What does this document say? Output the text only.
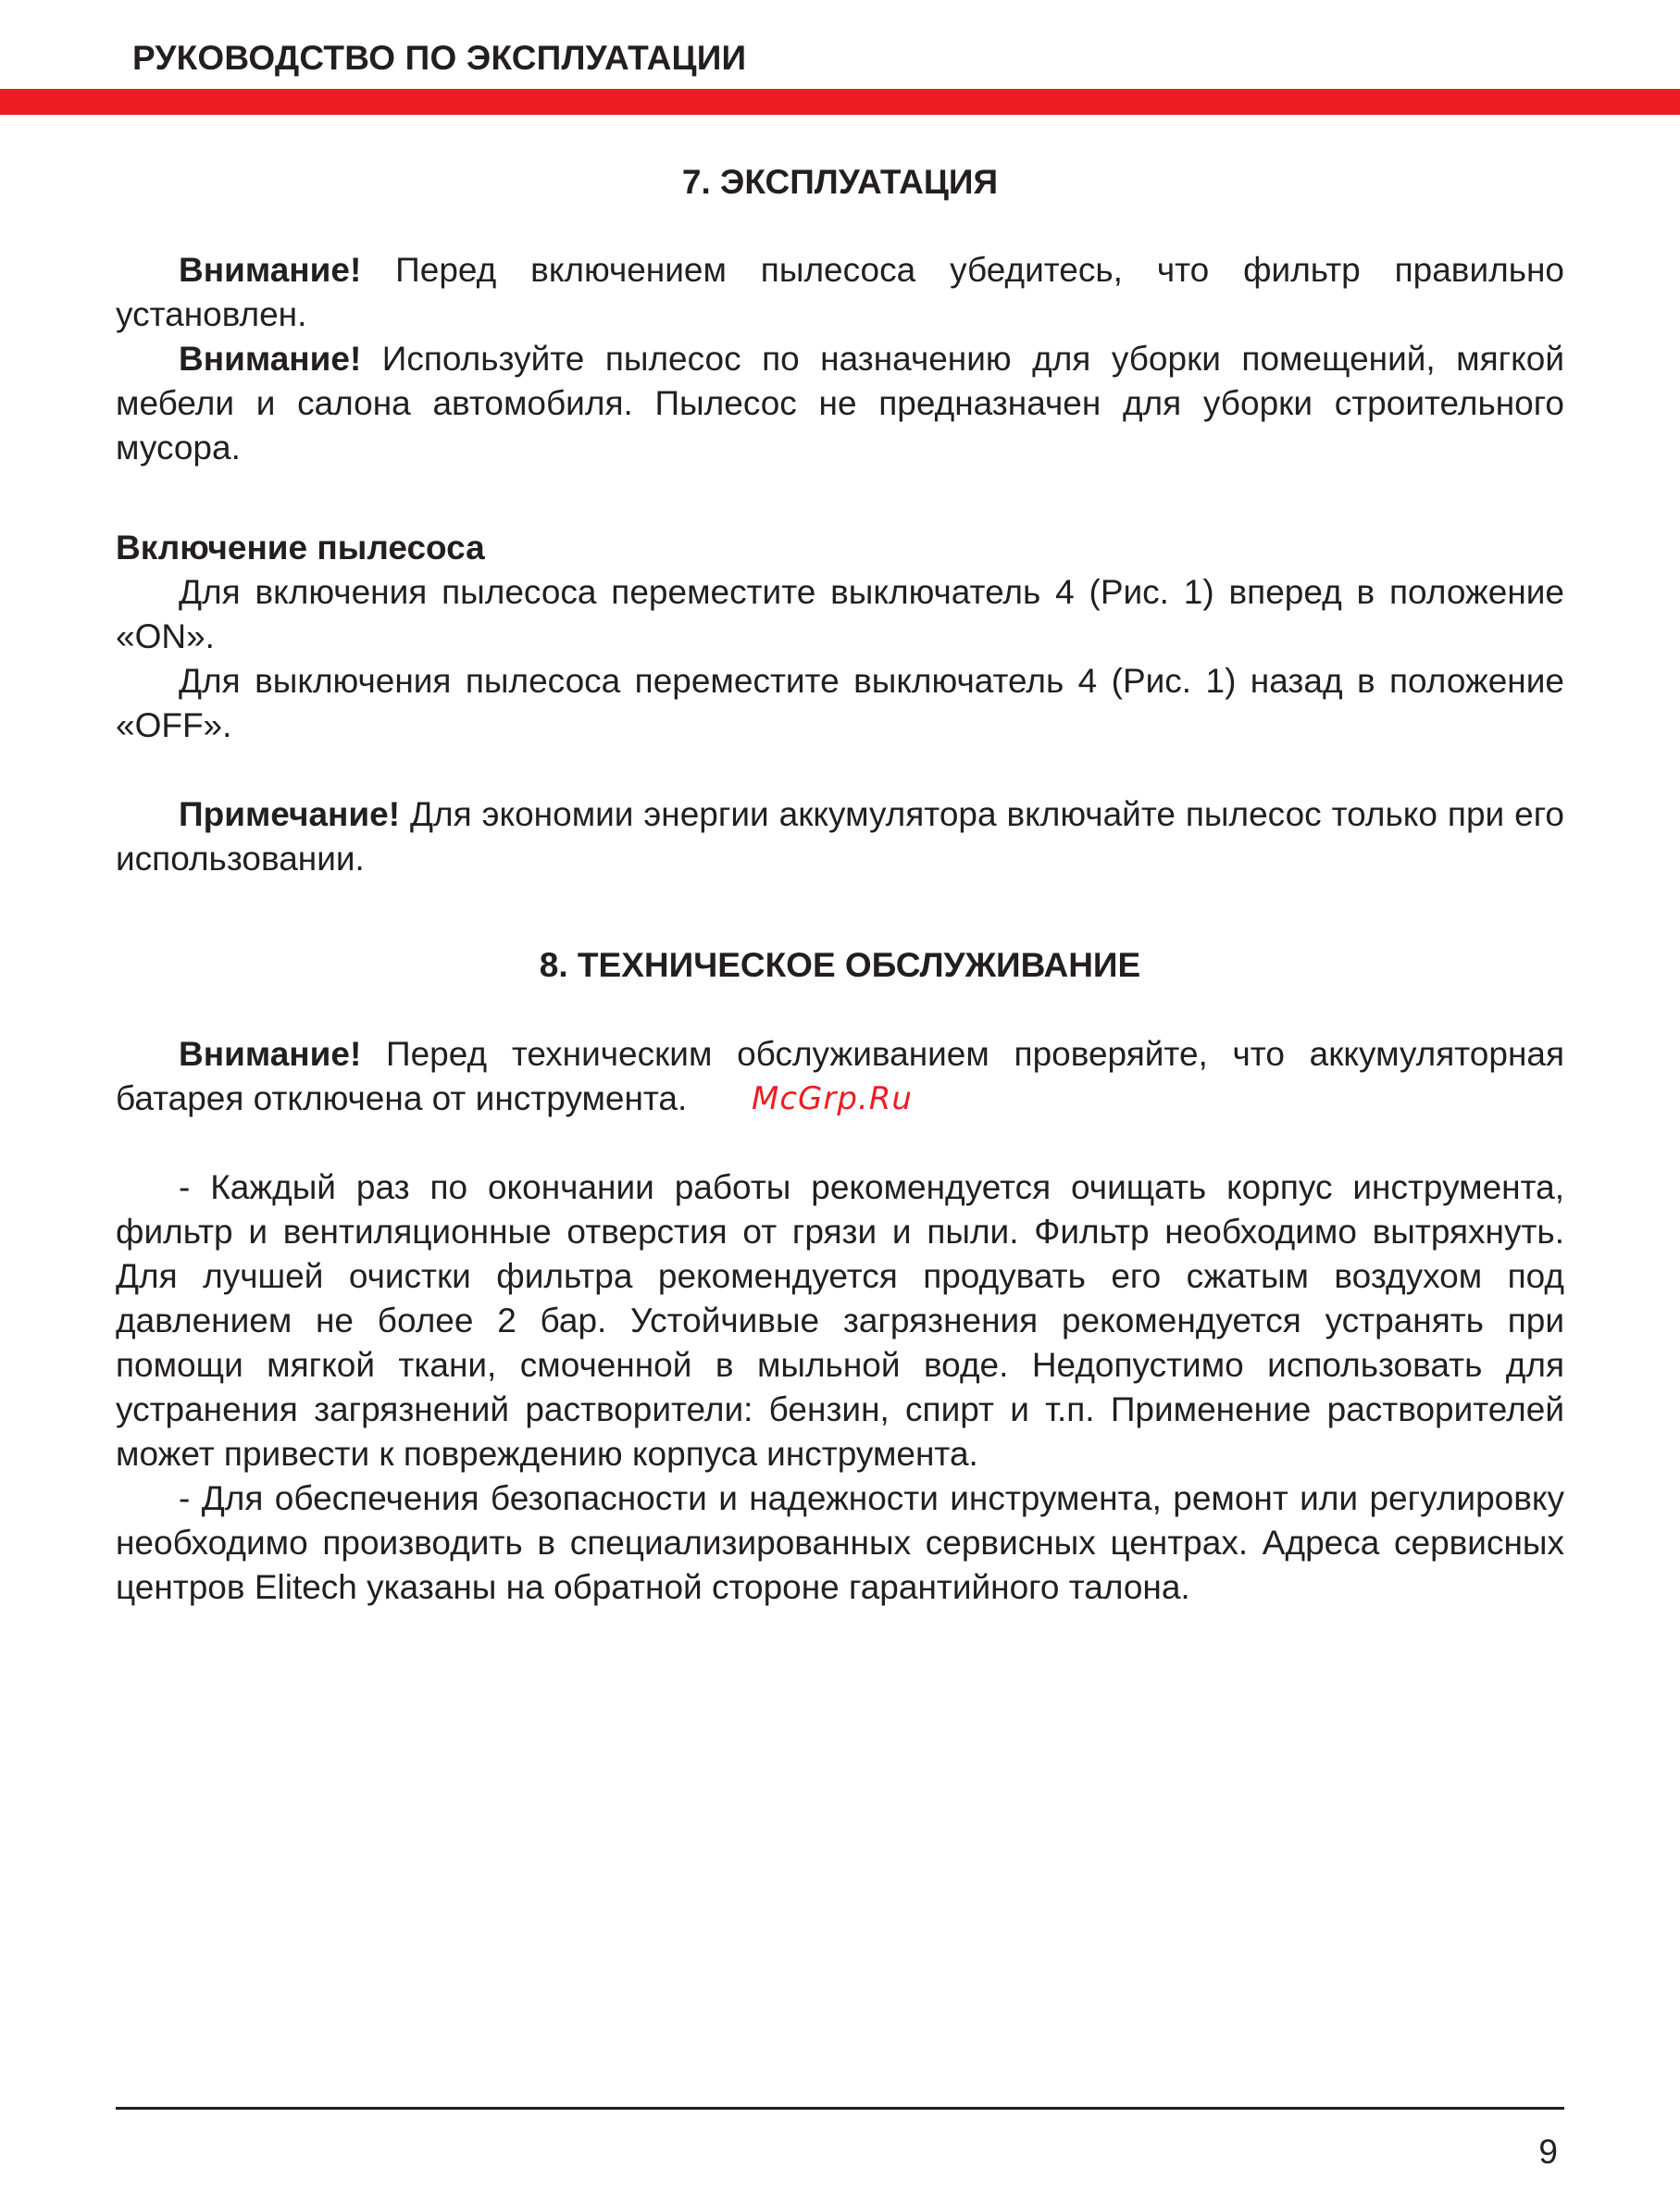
РУКОВОДСТВО ПО ЭКСПЛУАТАЦИИ
7. ЭКСПЛУАТАЦИЯ

Внимание! Перед включением пылесоса убедитесь, что фильтр правильно установлен.

Внимание! Используйте пылесос по назначению для уборки помещений, мягкой мебели и салона автомобиля. Пылесос не предназначен для уборки строительного мусора.

Включение пылесоса

Для включения пылесоса переместите выключатель 4 (Рис. 1) вперед в положение «ON».

Для выключения пылесоса переместите выключатель 4 (Рис. 1) назад в положение «OFF».

Примечание! Для экономии энергии аккумулятора включайте пылесос только при его использовании.

8. ТЕХНИЧЕСКОЕ ОБСЛУЖИВАНИЕ

Внимание! Перед техническим обслуживанием проверяйте, что аккумуляторная батарея отключена от инструмента.

- Каждый раз по окончании работы рекомендуется очищать корпус инструмента, фильтр и вентиляционные отверстия от грязи и пыли. Фильтр необходимо вытряхнуть. Для лучшей очистки фильтра рекомендуется продувать его сжатым воздухом под давлением не более 2 бар. Устойчивые загрязнения рекомендуется устранять при помощи мягкой ткани, смоченной в мыльной воде. Недопустимо использовать для устранения загрязнений растворители: бензин, спирт и т.п. Применение растворителей может привести к повреждению корпуса инструмента.

- Для обеспечения безопасности и надежности инструмента, ремонт или регулировку необходимо производить в специализированных сервисных центрах. Адреса сервисных центров Elitech указаны на обратной стороне гарантийного талона.

McGrp.Ru
9
